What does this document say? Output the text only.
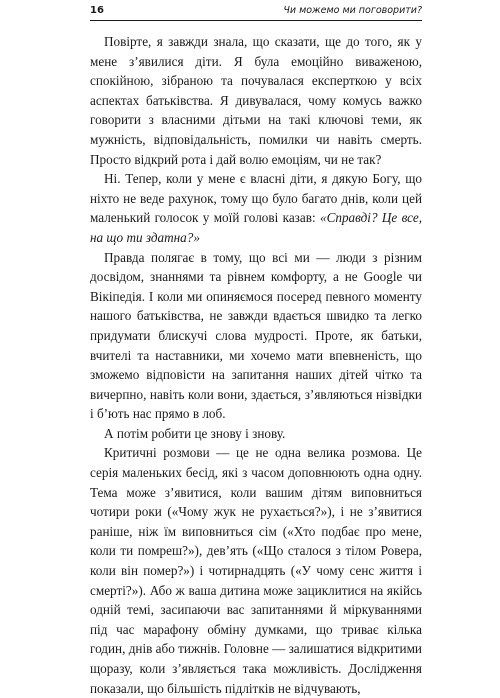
16	Чи можемо ми поговорити?

Повірте, я завжди знала, що сказати, ще до того, як у мене з’явилися діти. Я була емоційно виваженою, спокійною, зібраною та почувалася експерткою у всіх аспектах батьківства. Я дивувалася, чому комусь важко говорити з власними дітьми на такі ключові теми, як мужність, відповідальність, помилки чи навіть смерть. Просто відкрий рота і дай волю емоціям, чи не так?

Ні. Тепер, коли у мене є власні діти, я дякую Богу, що ніхто не веде рахунок, тому що було багато днів, коли цей маленький голосок у моїй голові казав: «Справді? Це все, на що ти здатна?»

Правда полягає в тому, що всі ми — люди з різним досвідом, знаннями та рівнем комфорту, а не Google чи Вікіпедія. І коли ми опиняємося посеред певного моменту нашого батьківства, не завжди вдається швидко та легко придумати блискучі слова мудрості. Проте, як батьки, вчителі та наставники, ми хочемо мати впевненість, що зможемо відповісти на запитання наших дітей чітко та вичерпно, навіть коли вони, здається, з’являються нізвідки і б’ють нас прямо в лоб.

А потім робити це знову і знову.

Критичні розмови — це не одна велика розмова. Це серія маленьких бесід, які з часом доповнюють одна одну. Тема може з’явитися, коли вашим дітям виповниться чотири роки («Чому жук не рухається?»), і не з’явитися раніше, ніж їм виповниться сім («Хто подбає про мене, коли ти помреш?»), дев’ять («Що сталося з тілом Ровера, коли він помер?») і чотирнадцять («У чому сенс життя і смерті?»). Або ж ваша дитина може зациклитися на якійсь одній темі, засипаючи вас запитаннями й міркуваннями під час марафону обміну думками, що триває кілька годин, днів або тижнів. Головне — залишатися відкритими щоразу, коли з’являється така можливість. Дослідження показали, що більшість підлітків не відчувають,
